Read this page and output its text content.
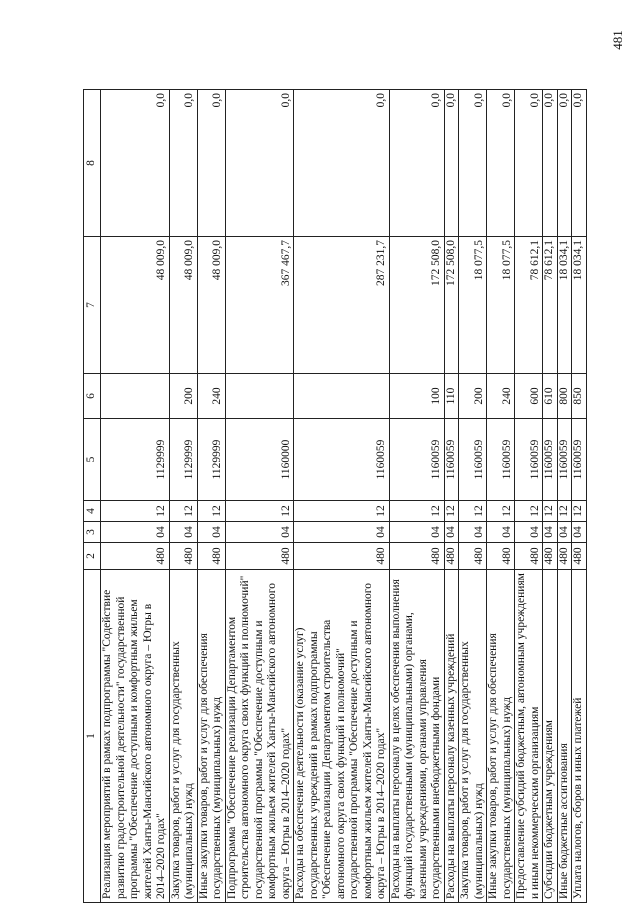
481
1	2	3	4	5	6	7	8
Реализация мероприятий в рамках подпрограммы "Содействие развитию градостроительной деятельности" государственной программы "Обеспечение доступным и комфортным жильем жителей Ханты-Мансийского автономного округа – Югры в 2014–2020 годах"	480	04	12	1129999		48 009,0	0,0
Закупка товаров, работ и услуг для государственных (муниципальных) нужд	480	04	12	1129999	200	48 009,0	0,0
Иные закупки товаров, работ и услуг для обеспечения государственных (муниципальных) нужд	480	04	12	1129999	240	48 009,0	0,0
Подпрограмма "Обеспечение реализации Департаментом строительства автономного округа своих функций и полномочий" государственной программы "Обеспечение доступным и комфортным жильем жителей Ханты-Мансийского автономного округа – Югры в 2014–2020 годах"	480	04	12	1160000		367 467,7	0,0
Расходы на обеспечение деятельности (оказание услуг) государственных учреждений в рамках подпрограммы "Обеспечение реализации Департаментом строительства автономного округа своих функций и полномочий" государственной программы "Обеспечение доступным и комфортным жильем жителей Ханты-Мансийского автономного округа – Югры в 2014–2020 годах"	480	04	12	1160059		287 231,7	0,0
Расходы на выплаты персоналу в целях обеспечения выполнения функций государственными (муниципальными) органами, казенными учреждениями, органами управления государственными внебюджетными фондами	480	04	12	1160059	100	172 508,0	0,0
Расходы на выплаты персоналу казенных учреждений	480	04	12	1160059	110	172 508,0	0,0
Закупка товаров, работ и услуг для государственных (муниципальных) нужд	480	04	12	1160059	200	18 077,5	0,0
Иные закупки товаров, работ и услуг для обеспечения государственных (муниципальных) нужд	480	04	12	1160059	240	18 077,5	0,0
Предоставление субсидий бюджетным, автономным учреждениям и иным некоммерческим организациям	480	04	12	1160059	600	78 612,1	0,0
Субсидии бюджетным учреждениям	480	04	12	1160059	610	78 612,1	0,0
Иные бюджетные ассигнования	480	04	12	1160059	800	18 034,1	0,0
Уплата налогов, сборов и иных платежей	480	04	12	1160059	850	18 034,1	0,0
